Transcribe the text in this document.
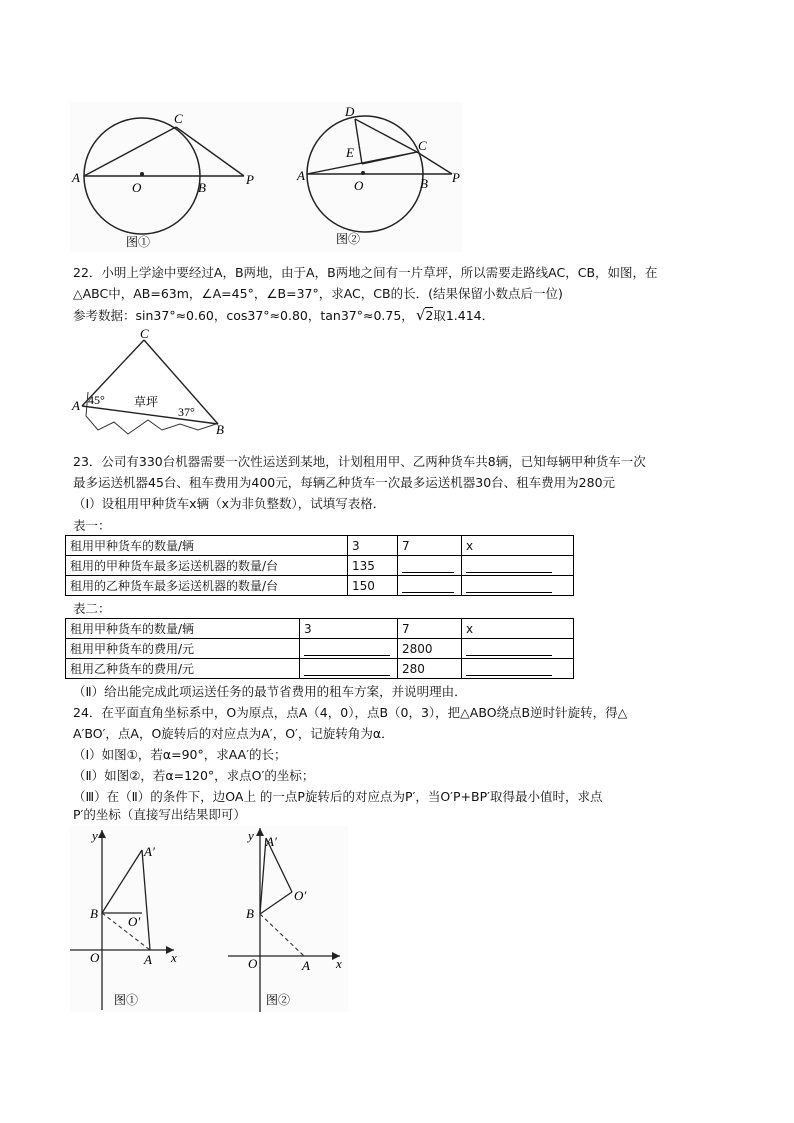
A
O	B
C
P
图①
A
O	B
C
P
D
E
图②
22．小明上学途中要经过A，B两地，由于A，B两地之间有一片草坪，所以需要走路线AC，CB，如图，在
△ABC中，AB=63m，∠A=45°，∠B=37°，求AC，CB的长．(结果保留小数点后一位)
参考数据：sin37°≈0.60，cos37°≈0.80，tan37°≈0.75， √2取1.414．
C
A
B
45°
37°
草坪
23．公司有330台机器需要一次性运送到某地，计划租用甲、乙两种货车共8辆，已知每辆甲种货车一次
最多运送机器45台、租车费用为400元，每辆乙种货车一次最多运送机器30台、租车费用为280元
（Ⅰ）设租用甲种货车x辆（x为非负整数），试填写表格．
表一：
租用甲种货车的数量/辆	3	7	x
租用的甲种货车最多运送机器的数量/台	135		
租用的乙种货车最多运送机器的数量/台	150		
表二：
租用甲种货车的数量/辆	3	7	x
租用甲种货车的费用/元		2800	
租用乙种货车的费用/元		280	
（Ⅱ）给出能完成此项运送任务的最节省费用的租车方案，并说明理由．
24．在平面直角坐标系中，O为原点，点A（4，0），点B（0，3），把△ABO绕点B逆时针旋转，得△
A′BO′，点A，O旋转后的对应点为A′，O′，记旋转角为α．
（Ⅰ）如图①，若α=90°，求AA′的长；
（Ⅱ）如图②，若α=120°，求点O′的坐标；
（Ⅲ）在（Ⅱ）的条件下，边OA上 的一点P旋转后的对应点为P′，当O′P+BP′取得最小值时，求点
P′的坐标（直接写出结果即可）
y
x
O	A
B
A′
O′
图①
y
x
O	A
B
A′
O′
图②
